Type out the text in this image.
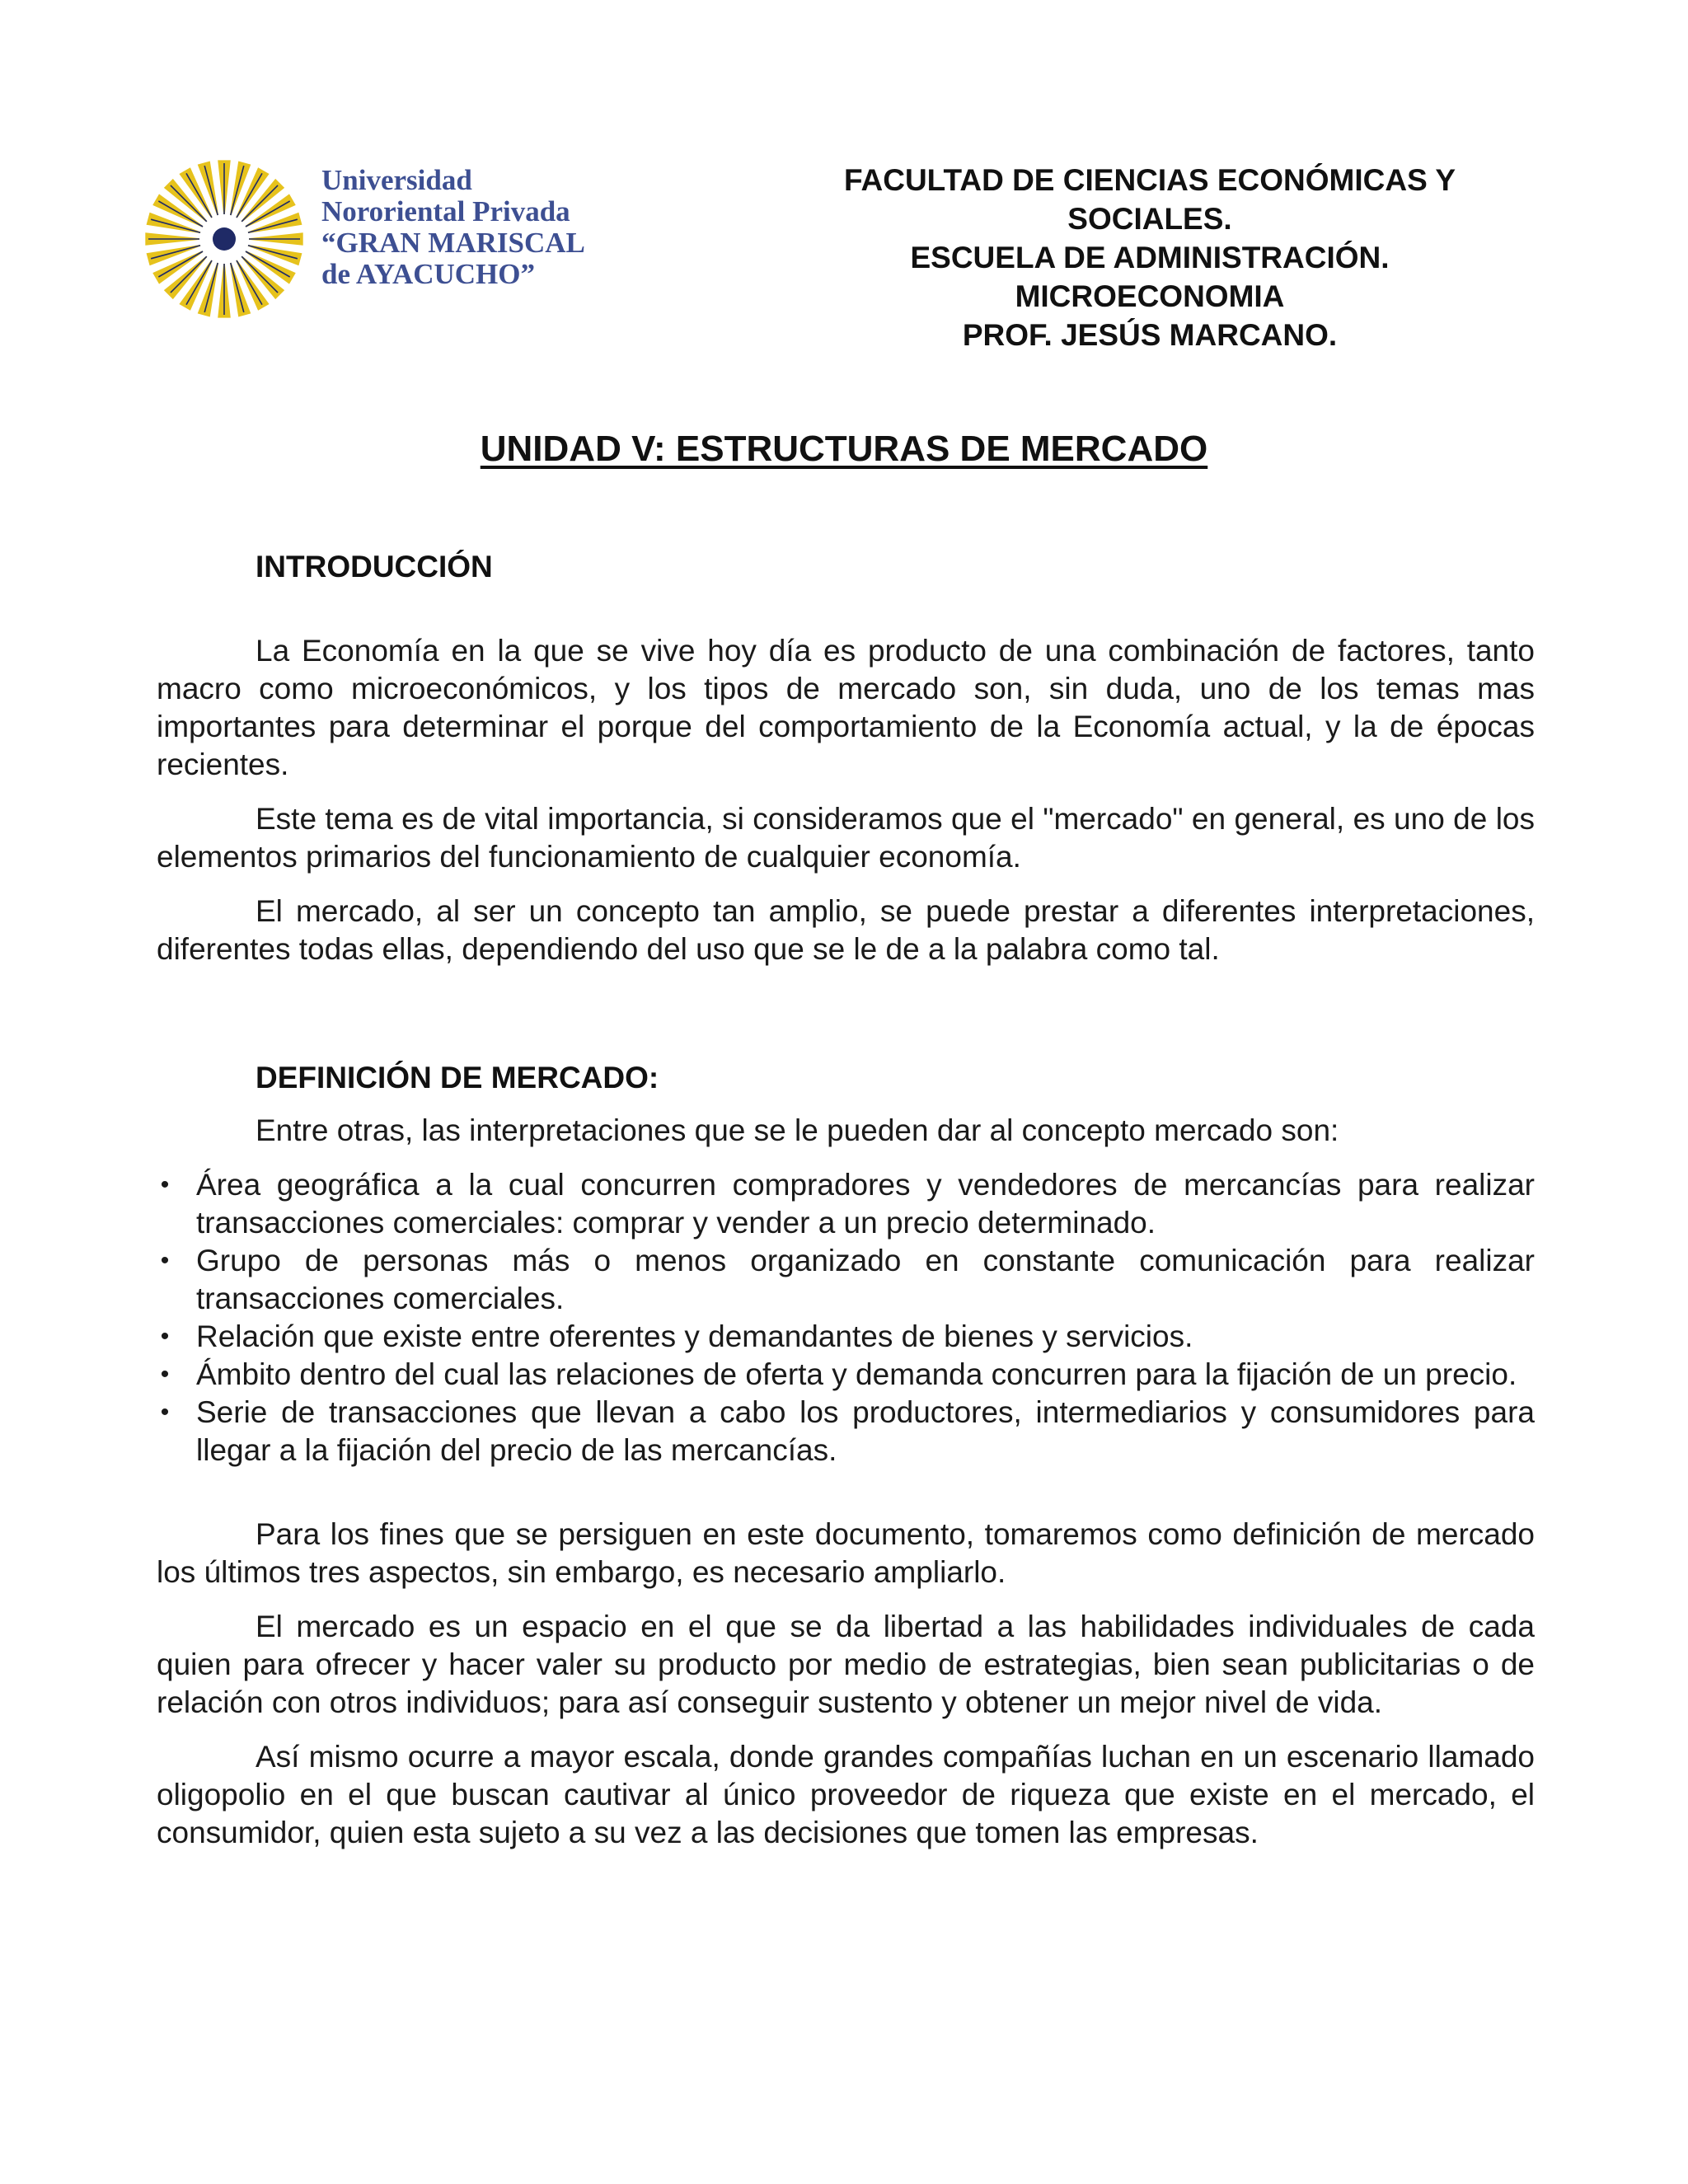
Universidad
Nororiental Privada
“GRAN MARISCAL
de AYACUCHO”
FACULTAD DE CIENCIAS ECONÓMICAS Y
SOCIALES.
ESCUELA DE ADMINISTRACIÓN.
MICROECONOMIA
PROF. JESÚS MARCANO.
UNIDAD V: ESTRUCTURAS DE MERCADO
INTRODUCCIÓN

La Economía en la que se vive hoy día es producto de una combinación de factores, tanto macro como microeconómicos, y los tipos de mercado son, sin duda, uno de los temas mas importantes para determinar el porque del comportamiento de la Economía actual, y la de épocas recientes.

Este tema es de vital importancia, si consideramos que el "mercado" en general, es uno de los elementos primarios del funcionamiento de cualquier economía.

El mercado, al ser un concepto tan amplio, se puede prestar a diferentes interpretaciones, diferentes todas ellas, dependiendo del uso que se le de a la palabra como tal.

DEFINICIÓN DE MERCADO:

Entre otras, las interpretaciones que se le pueden dar al concepto mercado son:

• Área geográfica a la cual concurren compradores y vendedores de mercancías para realizar transacciones comerciales: comprar y vender a un precio determinado.
• Grupo de personas más o menos organizado en constante comunicación para realizar transacciones comerciales.
• Relación que existe entre oferentes y demandantes de bienes y servicios.
• Ámbito dentro del cual las relaciones de oferta y demanda concurren para la fijación de un precio.
• Serie de transacciones que llevan a cabo los productores, intermediarios y consumidores para llegar a la fijación del precio de las mercancías.

Para los fines que se persiguen en este documento, tomaremos como definición de mercado los últimos tres aspectos, sin embargo, es necesario ampliarlo.

El mercado es un espacio en el que se da libertad a las habilidades individuales de cada quien para ofrecer y hacer valer su producto por medio de estrategias, bien sean publicitarias o de relación con otros individuos; para así conseguir sustento y obtener un mejor nivel de vida.

Así mismo ocurre a mayor escala, donde grandes compañías luchan en un escenario llamado oligopolio en el que buscan cautivar al único proveedor de riqueza que existe en el mercado, el consumidor, quien esta sujeto a su vez a las decisiones que tomen las empresas.
